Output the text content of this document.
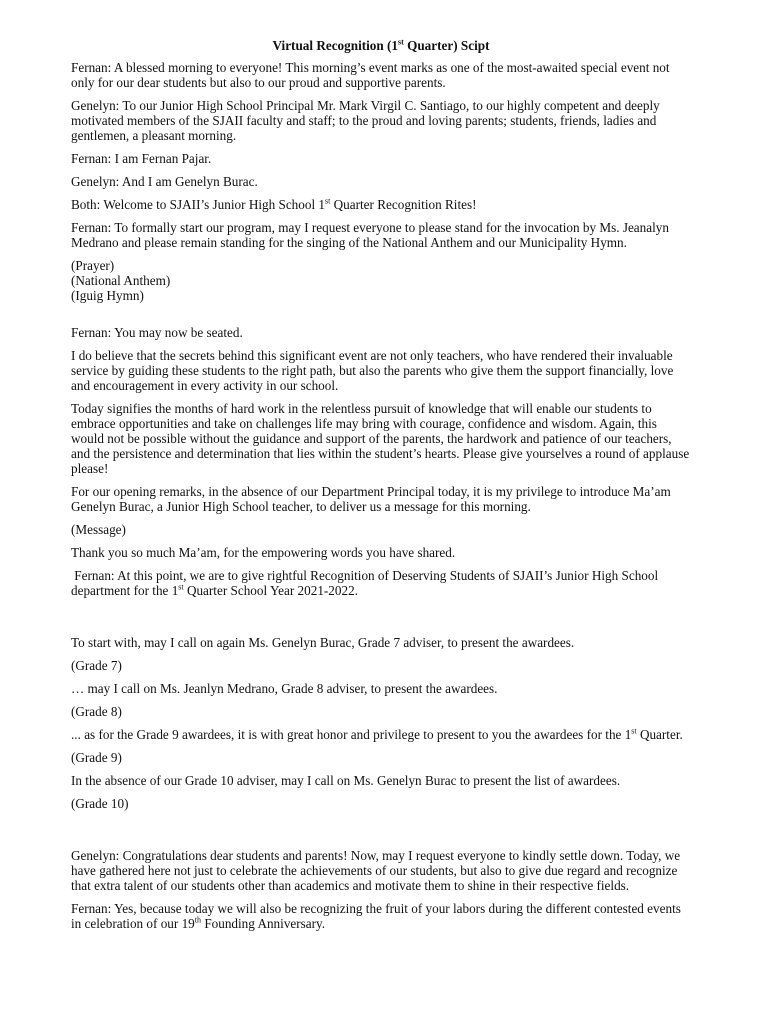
Virtual Recognition (1st Quarter) Scipt

Fernan: A blessed morning to everyone! This morning’s event marks as one of the most-awaited special event not only for our dear students but also to our proud and supportive parents.

Genelyn: To our Junior High School Principal Mr. Mark Virgil C. Santiago, to our highly competent and deeply motivated members of the SJAII faculty and staff; to the proud and loving parents; students, friends, ladies and gentlemen, a pleasant morning.

Fernan: I am Fernan Pajar.

Genelyn: And I am Genelyn Burac.

Both: Welcome to SJAII’s Junior High School 1st Quarter Recognition Rites!

Fernan: To formally start our program, may I request everyone to please stand for the invocation by Ms. Jeanalyn Medrano and please remain standing for the singing of the National Anthem and our Municipality Hymn.

(Prayer)
(National Anthem)
(Iguig Hymn)

Fernan: You may now be seated.

I do believe that the secrets behind this significant event are not only teachers, who have rendered their invaluable service by guiding these students to the right path, but also the parents who give them the support financially, love and encouragement in every activity in our school.

Today signifies the months of hard work in the relentless pursuit of knowledge that will enable our students to embrace opportunities and take on challenges life may bring with courage, confidence and wisdom. Again, this would not be possible without the guidance and support of the parents, the hardwork and patience of our teachers, and the persistence and determination that lies within the student’s hearts. Please give yourselves a round of applause please!

For our opening remarks, in the absence of our Department Principal today, it is my privilege to introduce Ma’am Genelyn Burac, a Junior High School teacher, to deliver us a message for this morning.

(Message)

Thank you so much Ma’am, for the empowering words you have shared.

Fernan: At this point, we are to give rightful Recognition of Deserving Students of SJAII’s Junior High School department for the 1st Quarter School Year 2021-2022.

To start with, may I call on again Ms. Genelyn Burac, Grade 7 adviser, to present the awardees.

(Grade 7)

… may I call on Ms. Jeanlyn Medrano, Grade 8 adviser, to present the awardees.

(Grade 8)

... as for the Grade 9 awardees, it is with great honor and privilege to present to you the awardees for the 1st Quarter.

(Grade 9)

In the absence of our Grade 10 adviser, may I call on Ms. Genelyn Burac to present the list of awardees.

(Grade 10)

Genelyn: Congratulations dear students and parents! Now, may I request everyone to kindly settle down. Today, we have gathered here not just to celebrate the achievements of our students, but also to give due regard and recognize that extra talent of our students other than academics and motivate them to shine in their respective fields.

Fernan: Yes, because today we will also be recognizing the fruit of your labors during the different contested events in celebration of our 19th Founding Anniversary.
